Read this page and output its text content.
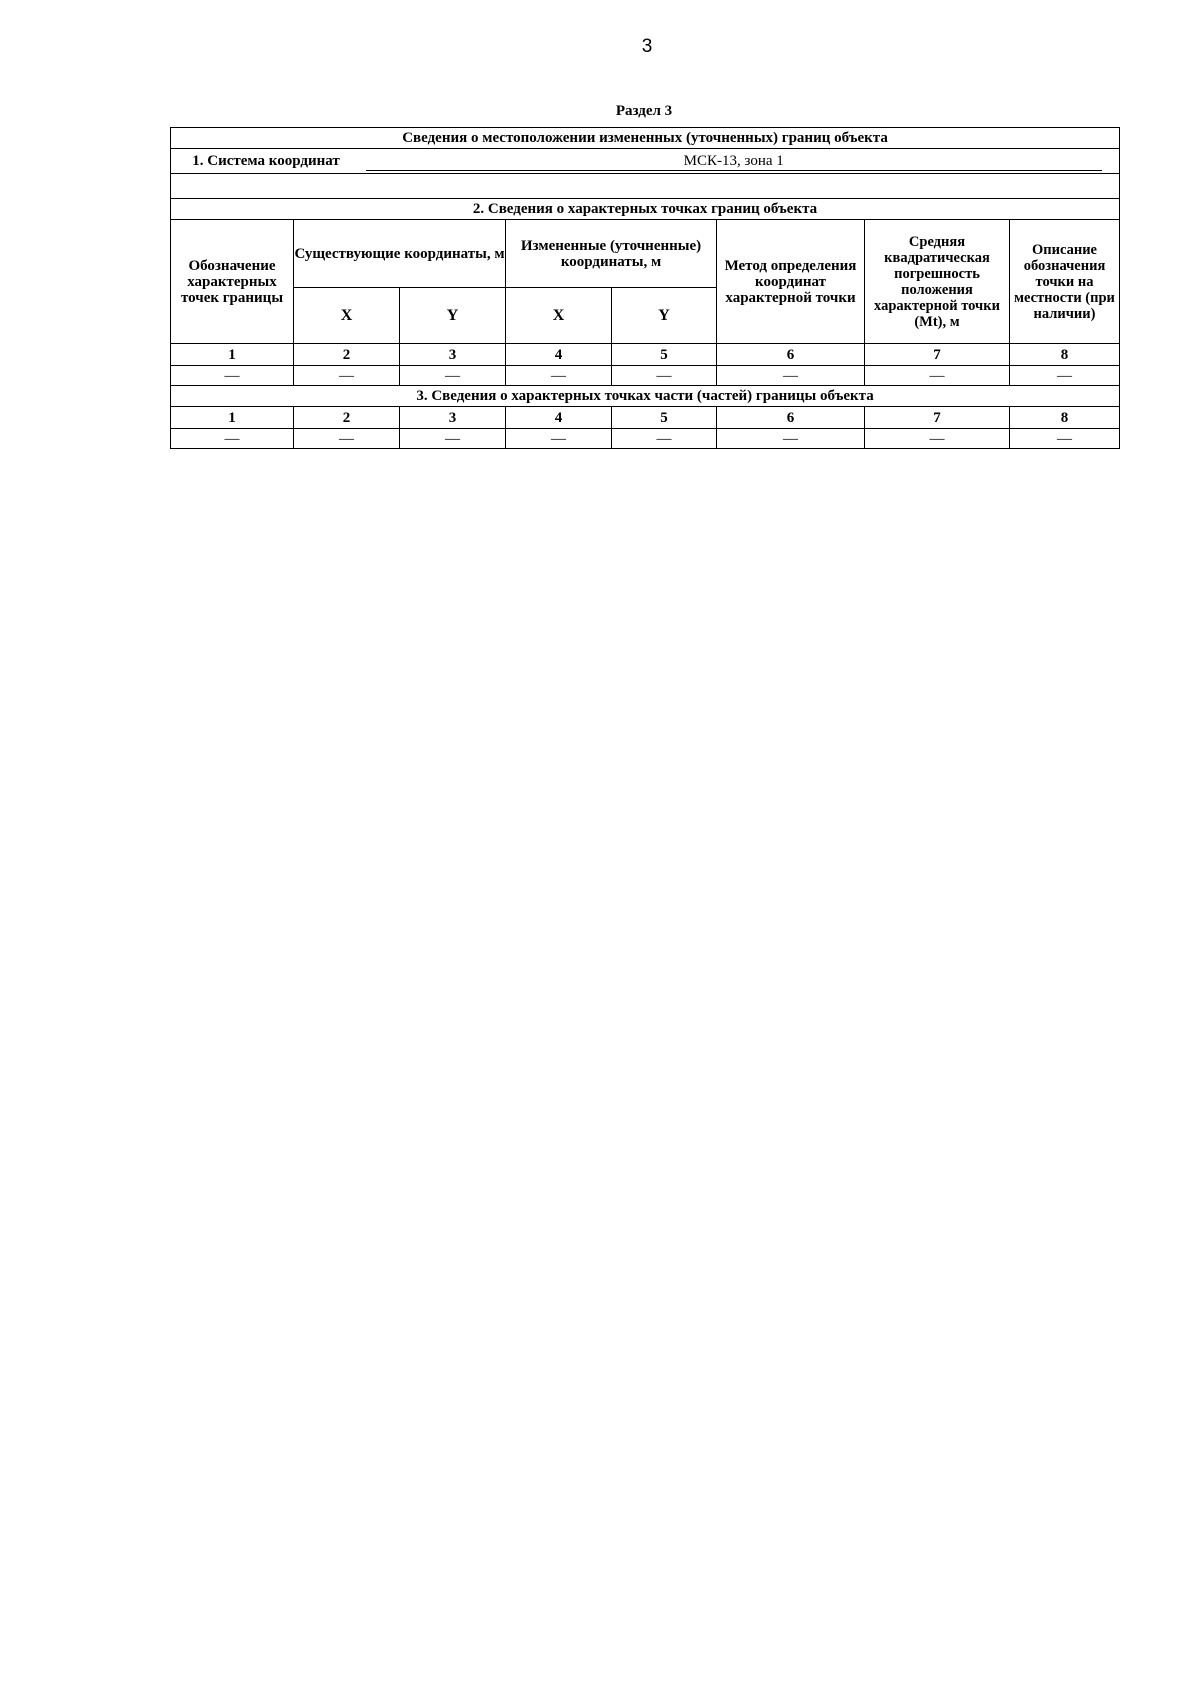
3
Раздел 3
Сведения о местоположении измененных (уточненных) границ объекта							
1. Система координат МСК-13, зона 1							

2. Сведения о характерных точках границ объекта							
Обозначение характерных точек границы	Существующие координаты, м		Измененные (уточненные) координаты, м		Метод определения координат характерной точки	Средняя квадратическая погрешность положения характерной точки (Mt), м	Описание обозначения точки на местности (при наличии)
	X	Y	X	Y			
1	2	3	4	5	6	7	8
—	—	—	—	—	—	—	—
3. Сведения о характерных точках части (частей) границы объекта							
1	2	3	4	5	6	7	8
—	—	—	—	—	—	—	—
